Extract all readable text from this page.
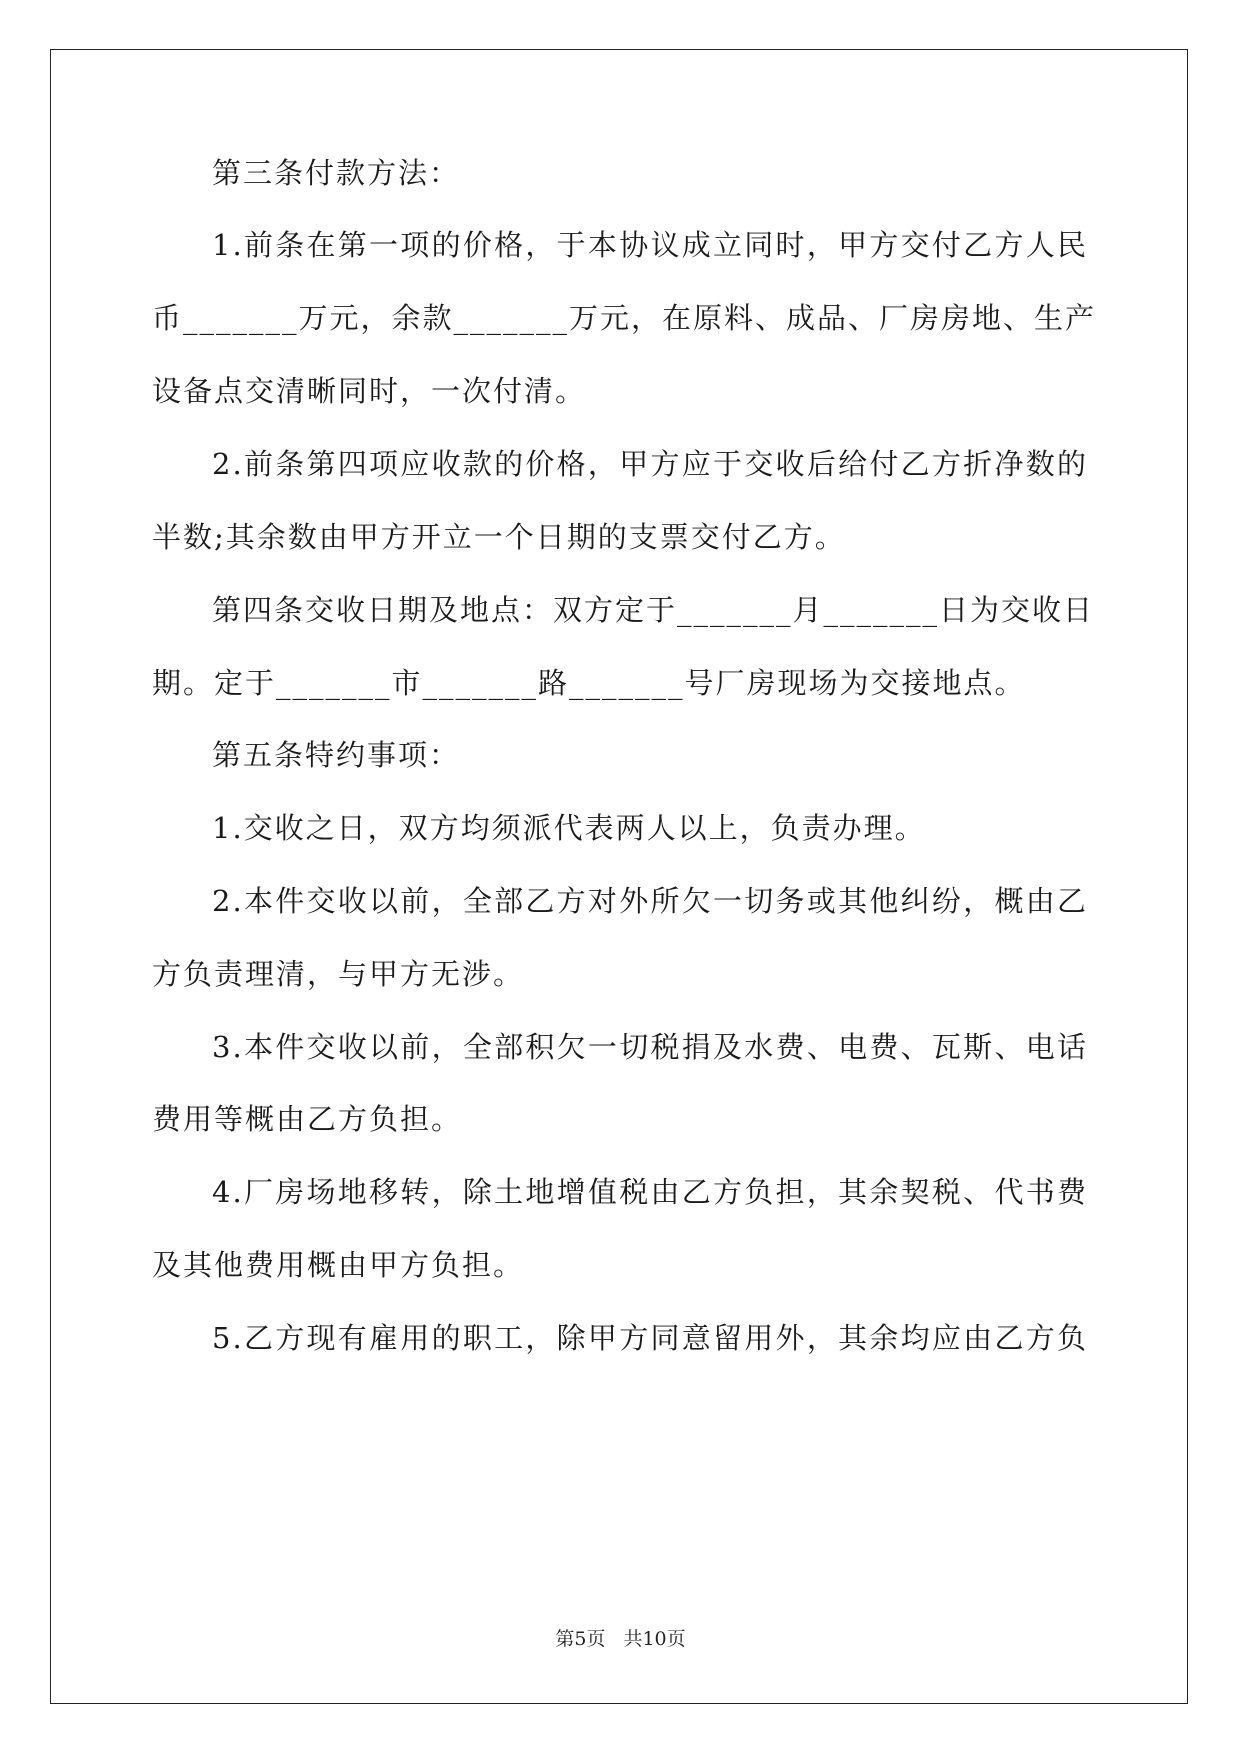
第三条付款方法：
1.前条在第一项的价格，于本协议成立同时，甲方交付乙方人民
币_______万元，余款_______万元，在原料、成品、厂房房地、生产
设备点交清晰同时，一次付清。
2.前条第四项应收款的价格，甲方应于交收后给付乙方折净数的
半数;其余数由甲方开立一个日期的支票交付乙方。
第四条交收日期及地点：双方定于_______月_______日为交收日
期。定于_______市_______路_______号厂房现场为交接地点。
第五条特约事项：
1.交收之日，双方均须派代表两人以上，负责办理。
2.本件交收以前，全部乙方对外所欠一切务或其他纠纷，概由乙
方负责理清，与甲方无涉。
3.本件交收以前，全部积欠一切税捐及水费、电费、瓦斯、电话
费用等概由乙方负担。
4.厂房场地移转，除土地增值税由乙方负担，其余契税、代书费
及其他费用概由甲方负担。
5.乙方现有雇用的职工，除甲方同意留用外，其余均应由乙方负
第5页 共10页
